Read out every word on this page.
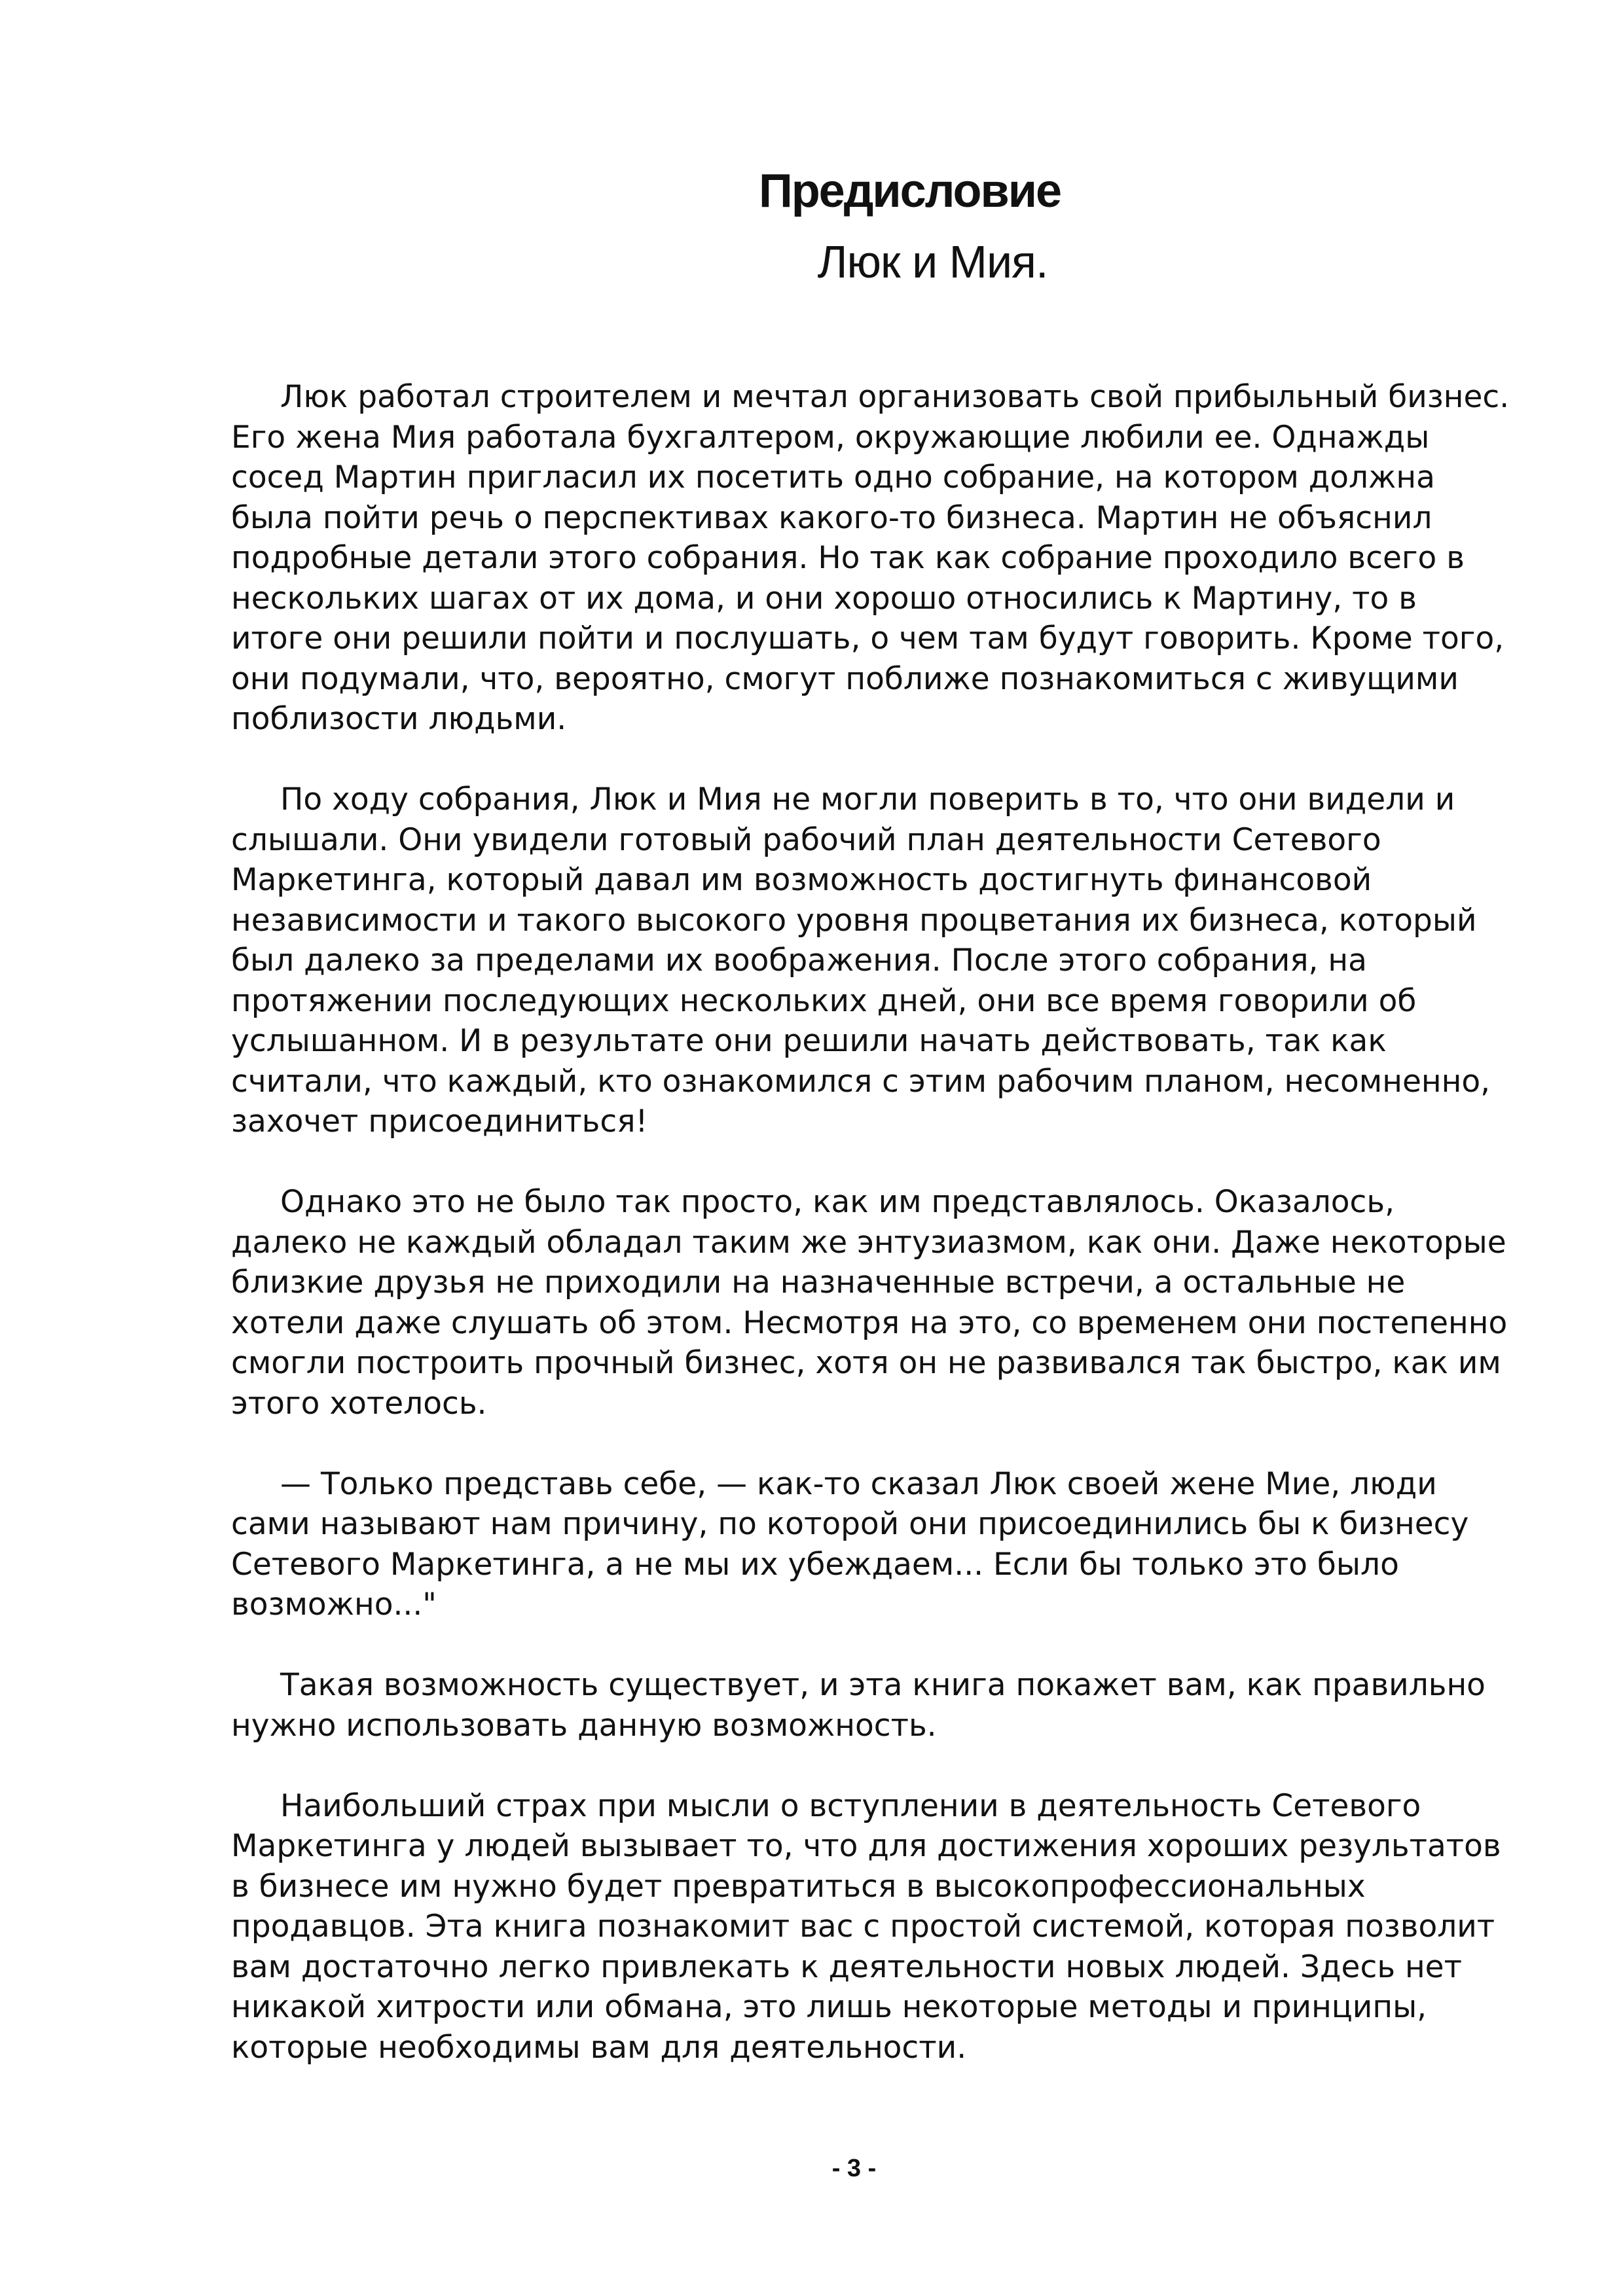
Предисловие
Люк и Мия.

Люк работал строителем и мечтал организовать свой прибыльный бизнес. Его жена Мия работала бухгалтером, окружающие любили ее. Однажды сосед Мартин пригласил их посетить одно собрание, на котором должна была пойти речь о перспективах какого-то бизнеса. Мартин не объяснил подробные детали этого собрания. Но так как собрание проходило всего в нескольких шагах от их дома, и они хорошо относились к Мартину, то в итоге они решили пойти и послушать, о чем там будут говорить. Кроме того, они подумали, что, вероятно, смогут поближе познакомиться с живущими поблизости людьми.

По ходу собрания, Люк и Мия не могли поверить в то, что они видели и слышали. Они увидели готовый рабочий план деятельности Сетевого Маркетинга, который давал им возможность достигнуть финансовой независимости и такого высокого уровня процветания их бизнеса, который был далеко за пределами их воображения. После этого собрания, на протяжении последующих нескольких дней, они все время говорили об услышанном. И в результате они решили начать действовать, так как считали, что каждый, кто ознакомился с этим рабочим планом, несомненно, захочет присоединиться!

Однако это не было так просто, как им представлялось. Оказалось, далеко не каждый обладал таким же энтузиазмом, как они. Даже некоторые близкие друзья не приходили на назначенные встречи, а остальные не хотели даже слушать об этом. Несмотря на это, со временем они постепенно смогли построить прочный бизнес, хотя он не развивался так быстро, как им этого хотелось.

— Только представь себе, — как-то сказал Люк своей жене Мие, люди сами называют нам причину, по которой они присоединились бы к бизнесу Сетевого Маркетинга, а не мы их убеждаем... Если бы только это было возможно..."

Такая возможность существует, и эта книга покажет вам, как правильно нужно использовать данную возможность.

Наибольший страх при мысли о вступлении в деятельность Сетевого Маркетинга у людей вызывает то, что для достижения хороших результатов в бизнесе им нужно будет превратиться в высокопрофессиональных продавцов. Эта книга познакомит вас с простой системой, которая позволит вам достаточно легко привлекать к деятельности новых людей. Здесь нет никакой хитрости или обмана, это лишь некоторые методы и принципы, которые необходимы вам для деятельности.

- 3 -
